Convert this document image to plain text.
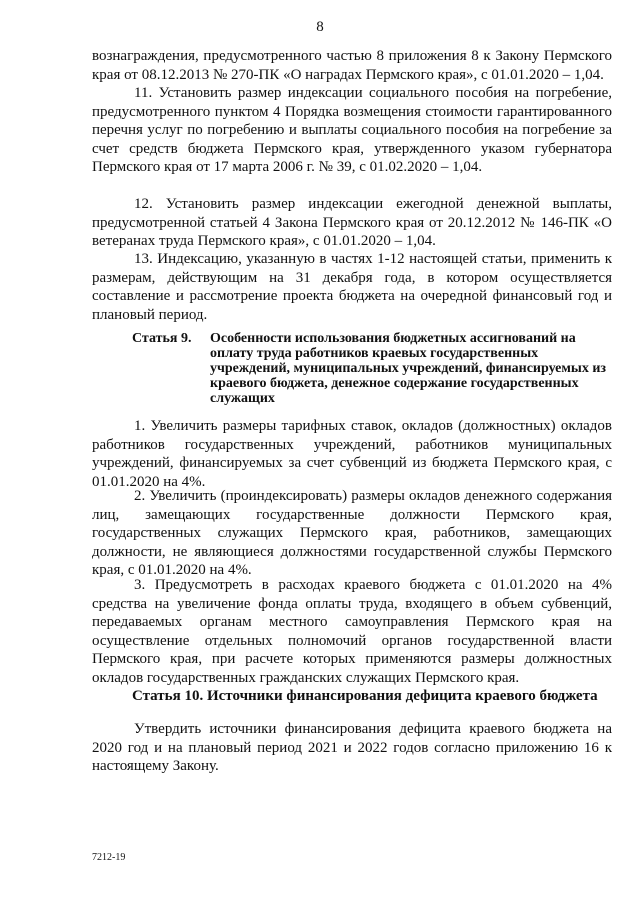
8
вознаграждения, предусмотренного частью 8 приложения 8 к Закону Пермского края от 08.12.2013 № 270-ПК «О наградах Пермского края», с 01.01.2020 – 1,04.
11. Установить размер индексации социального пособия на погребение, предусмотренного пунктом 4 Порядка возмещения стоимости гарантированного перечня услуг по погребению и выплаты социального пособия на погребение за счет средств бюджета Пермского края, утвержденного указом губернатора Пермского края от 17 марта 2006 г. № 39, с 01.02.2020 – 1,04.
12. Установить размер индексации ежегодной денежной выплаты, предусмотренной статьей 4 Закона Пермского края от 20.12.2012 № 146-ПК «О ветеранах труда Пермского края», с 01.01.2020 – 1,04.
13. Индексацию, указанную в частях 1-12 настоящей статьи, применить к размерам, действующим на 31 декабря года, в котором осуществляется составление и рассмотрение проекта бюджета на очередной финансовый год и плановый период.
Статья 9. Особенности использования бюджетных ассигнований на оплату труда работников краевых государственных учреждений, муниципальных учреждений, финансируемых из краевого бюджета, денежное содержание государственных служащих
1. Увеличить размеры тарифных ставок, окладов (должностных) окладов работников государственных учреждений, работников муниципальных учреждений, финансируемых за счет субвенций из бюджета Пермского края, с 01.01.2020 на 4%.
2. Увеличить (проиндексировать) размеры окладов денежного содержания лиц, замещающих государственные должности Пермского края, государственных служащих Пермского края, работников, замещающих должности, не являющиеся должностями государственной службы Пермского края, с 01.01.2020 на 4%.
3. Предусмотреть в расходах краевого бюджета с 01.01.2020 на 4% средства на увеличение фонда оплаты труда, входящего в объем субвенций, передаваемых органам местного самоуправления Пермского края на осуществление отдельных полномочий органов государственной власти Пермского края, при расчете которых применяются размеры должностных окладов государственных гражданских служащих Пермского края.
Статья 10. Источники финансирования дефицита краевого бюджета
Утвердить источники финансирования дефицита краевого бюджета на 2020 год и на плановый период 2021 и 2022 годов согласно приложению 16 к настоящему Закону.
7212-19
